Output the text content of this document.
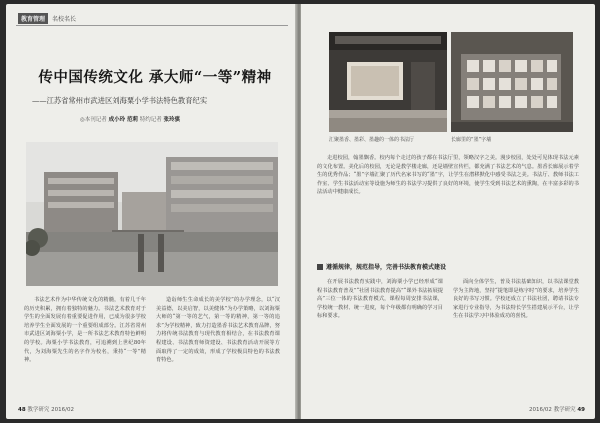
教育管理	名校名长
传中国传统文化 承大师“一等”精神
——江苏省常州市武进区刘海粟小学书法特色教育纪实
◎本刊记者 成小玲 范莉 特约记者 张玲骐

书法艺术作为中华传统文化的精髓，有着几千年的历史积累，拥有着独特的魅力。书法艺术教育对于学生的全面发展有着重要促进作用，已成为很多学校培养学生全面发展的一个重要组成部分。江苏省常州市武进区刘海粟小学，是一所书法艺术教育特色鲜明的学校。海粟小学书法教育，可追溯到上世纪80年代，为刘海粟先生的名字作为校名，秉持“一等”精神。

造诣师生生命成长的美学校”的办学理念，以“汉美益德，以美启智，以美健体”为办学策略，以刘海粟大师的“第一等的艺气，第一等的精神，第一等的追求”为学校精神，致力打造墨香书法艺术教育品牌，努力将传统书法教育与现代教育相结合，在书法教育课程建设、书法教育师资建设、书法教育活动开展等方面取得了一定的成效，形成了学校极具特色的书法教育特色。

48 教学研究 2016/02
汇聚墨香、墨彩、墨趣的一体的书法厅	长廊里的“墨”字墙

走进校园，翰墨飘香。校内每个走过的孩子都在书法厅里，领略汉字之美。漫步校园，处处可见体现书法元素的文化布置。美化后的校园，无论是教学楼走廊，还是墙壁宣传栏，都充满了书法艺术的气息。墨香长廊展示着学生的优秀作品；“墨”字墙汇聚了历代名家书写的“墨”字，让学生在潜移默化中感受书法之美。书法厅、教师书法工作室、学生书法活动室等设施为师生的书法学习提供了良好的环境，使学生受到书法艺术的熏陶，在丰富多彩的书法活动中健康成长。

遵循规律，规范指导，完善书法教育模式建设

在开展书法教育实践中，刘海粟小学已经形成“课程书法教育普及”“社团书法教育提高”“课外书法拓展提高”三位一体的书法教育模式，课程每周安排书法课，学校统一教材、统一进度，每个年级都有明确的学习目标和要求。

面向全体学生，普及书法基础知识，以书法课堂教学为主阵地，坚持“提笔即是练字时”的要求，培养学生良好的书写习惯。学校还成立了书法社团，聘请书法专家进行专业指导，为书法特长学生搭建展示平台，让学生在书法学习中体验成功的喜悦。

2016/02 教学研究 49
